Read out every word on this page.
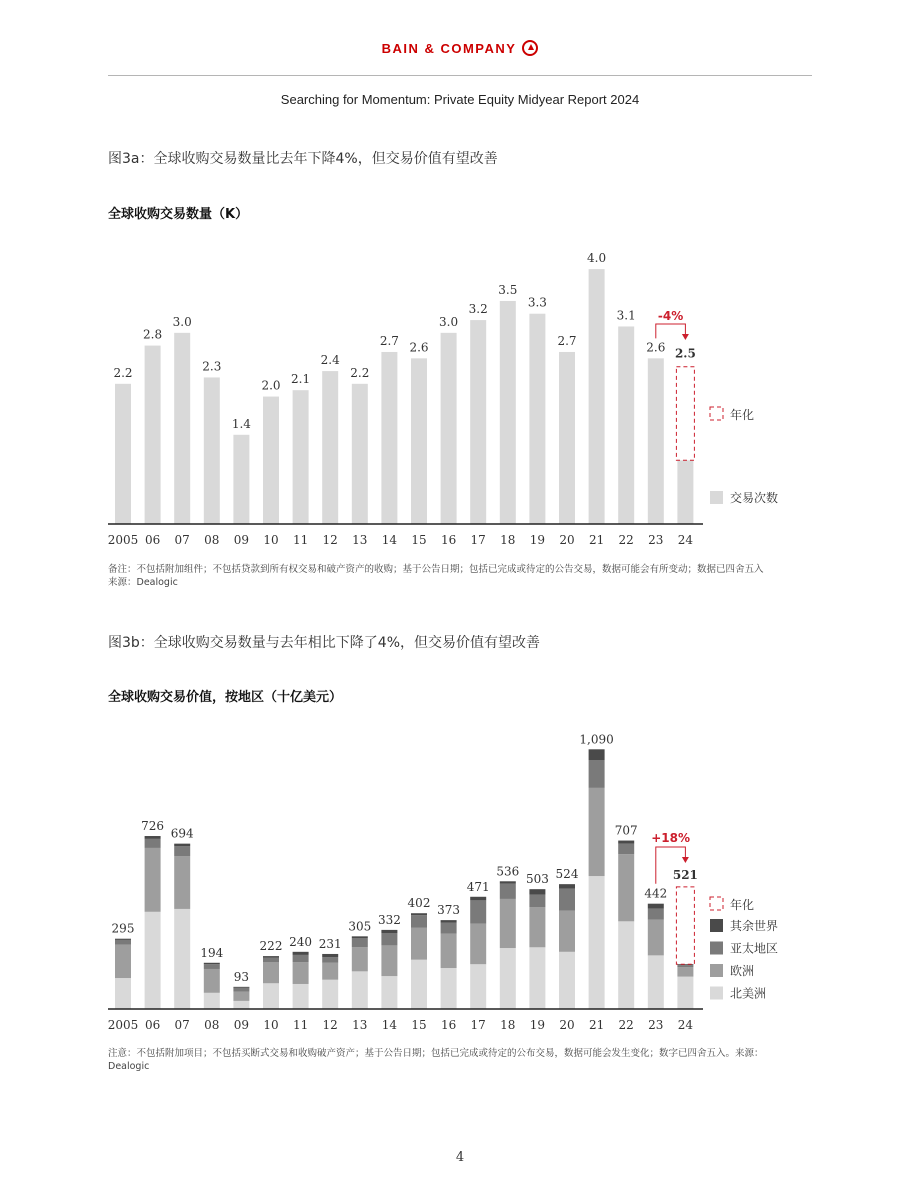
BAIN & COMPANY
Searching for Momentum: Private Equity Midyear Report 2024
图3a：全球收购交易数量比去年下降4%，但交易价值有望改善
全球收购交易数量（K）
2.2
2005
2.8
06
3.0
07
2.3
08
1.4
09
2.0
10
2.1
11
2.4
12
2.2
13
2.7
14
2.6
15
3.0
16
3.2
17
3.5
18
3.3
19
2.7
20
4.0
21
3.1
22
2.6
23
2.5
24
-4%
年化
交易次数
备注：不包括附加组件；不包括贷款到所有权交易和破产资产的收购；基于公告日期；包括已完成或待定的公告交易，数据可能会有所变动；数据已四舍五入
来源：Dealogic
图3b：全球收购交易数量与去年相比下降了4%，但交易价值有望改善
全球收购交易价值，按地区（十亿美元）
295
2005
726
06
694
07
194
08
93
09
222
10
240
11
231
12
305
13
332
14
402
15
373
16
471
17
536
18
503
19
524
20
1,090
21
707
22
442
23
521
24
+18%
年化
其余世界
亚太地区
欧洲
北美洲
注意：不包括附加项目；不包括买断式交易和收购破产资产；基于公告日期；包括已完成或待定的公布交易，数据可能会发生变化；数字已四舍五入。来源：Dealogic
4
